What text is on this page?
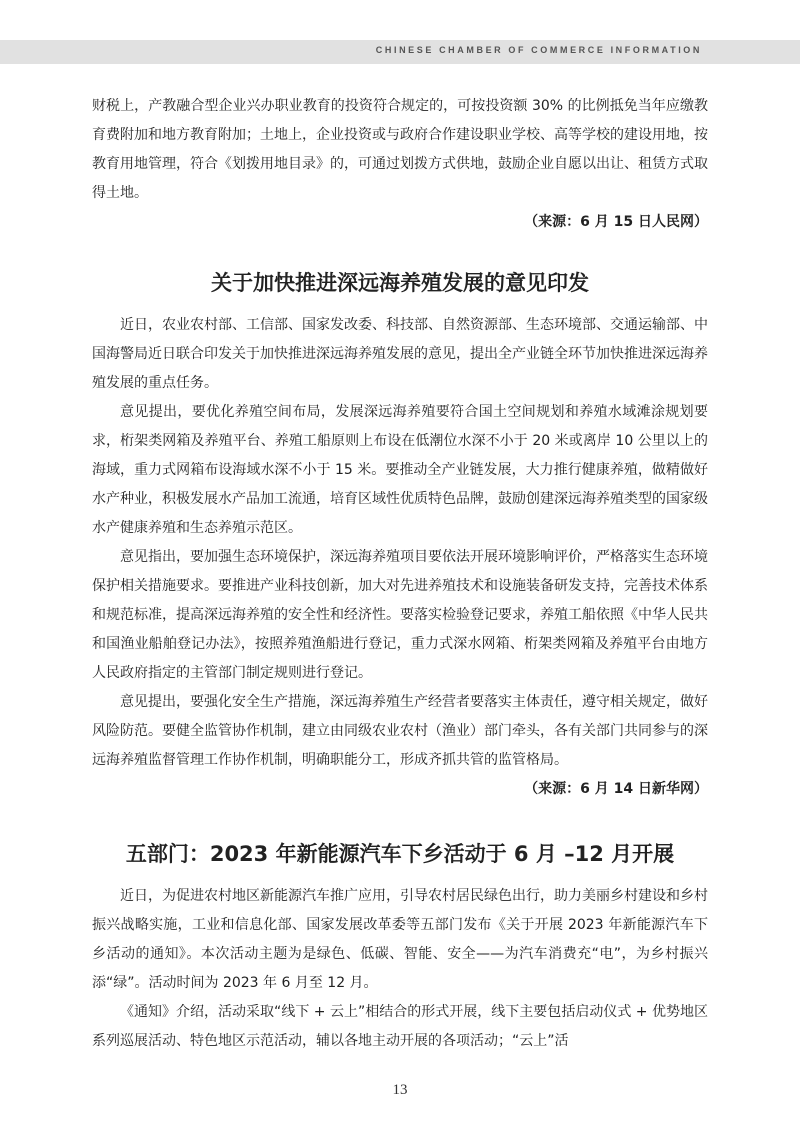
CHINESE CHAMBER OF COMMERCE INFORMATION

财税上，产教融合型企业兴办职业教育的投资符合规定的，可按投资额 30% 的比例抵免当年应缴教育费附加和地方教育附加；土地上，企业投资或与政府合作建设职业学校、高等学校的建设用地，按教育用地管理，符合《划拨用地目录》的，可通过划拨方式供地，鼓励企业自愿以出让、租赁方式取得土地。

（来源：6 月 15 日人民网）
关于加快推进深远海养殖发展的意见印发

近日，农业农村部、工信部、国家发改委、科技部、自然资源部、生态环境部、交通运输部、中国海警局近日联合印发关于加快推进深远海养殖发展的意见，提出全产业链全环节加快推进深远海养殖发展的重点任务。

意见提出，要优化养殖空间布局，发展深远海养殖要符合国土空间规划和养殖水域滩涂规划要求，桁架类网箱及养殖平台、养殖工船原则上布设在低潮位水深不小于 20 米或离岸 10 公里以上的海域，重力式网箱布设海域水深不小于 15 米。要推动全产业链发展，大力推行健康养殖，做精做好水产种业，积极发展水产品加工流通，培育区域性优质特色品牌，鼓励创建深远海养殖类型的国家级水产健康养殖和生态养殖示范区。

意见指出，要加强生态环境保护，深远海养殖项目要依法开展环境影响评价，严格落实生态环境保护相关措施要求。要推进产业科技创新，加大对先进养殖技术和设施装备研发支持，完善技术体系和规范标准，提高深远海养殖的安全性和经济性。要落实检验登记要求，养殖工船依照《中华人民共和国渔业船舶登记办法》，按照养殖渔船进行登记，重力式深水网箱、桁架类网箱及养殖平台由地方人民政府指定的主管部门制定规则进行登记。

意见提出，要强化安全生产措施，深远海养殖生产经营者要落实主体责任，遵守相关规定，做好风险防范。要健全监管协作机制，建立由同级农业农村（渔业）部门牵头，各有关部门共同参与的深远海养殖监督管理工作协作机制，明确职能分工，形成齐抓共管的监管格局。

（来源：6 月 14 日新华网）
五部门：2023 年新能源汽车下乡活动于 6 月 –12 月开展

近日，为促进农村地区新能源汽车推广应用，引导农村居民绿色出行，助力美丽乡村建设和乡村振兴战略实施，工业和信息化部、国家发展改革委等五部门发布《关于开展 2023 年新能源汽车下乡活动的通知》。本次活动主题为是绿色、低碳、智能、安全——为汽车消费充“电”，为乡村振兴添“绿”。活动时间为 2023 年 6 月至 12 月。

《通知》介绍，活动采取“线下 + 云上”相结合的形式开展，线下主要包括启动仪式 + 优势地区系列巡展活动、特色地区示范活动，辅以各地主动开展的各项活动；“云上”活

13
